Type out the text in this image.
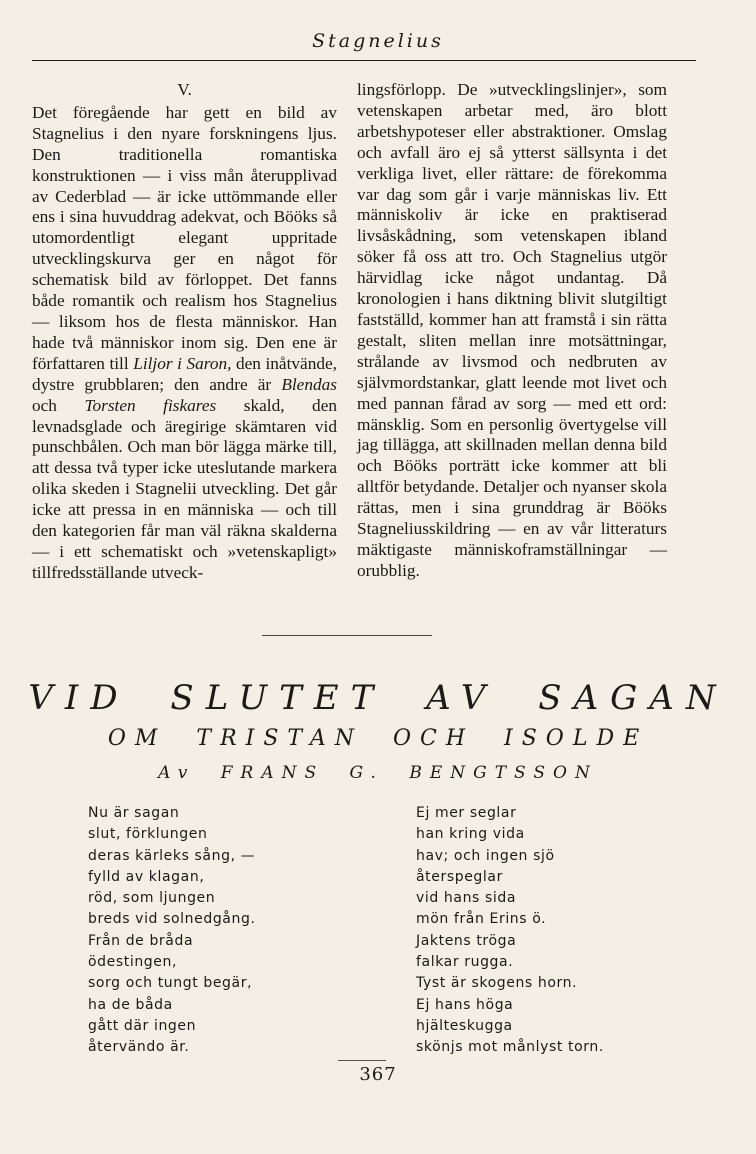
Stagnelius

V.

Det föregående har gett en bild av Stagnelius i den nyare forskningens ljus. Den traditionella romantiska konstruktionen — i viss mån återupplivad av Cederblad — är icke uttömmande eller ens i sina huvuddrag adekvat, och Bööks så utomordentligt elegant uppritade utvecklingskurva ger en något för schematisk bild av förloppet. Det fanns både romantik och realism hos Stagnelius — liksom hos de flesta människor. Han hade två människor inom sig. Den ene är författaren till Liljor i Saron, den inåtvände, dystre grubblaren; den andre är Blendas och Torsten fiskares skald, den levnadsglade och äregirige skämtaren vid punschbålen. Och man bör lägga märke till, att dessa två typer icke uteslutande markera olika skeden i Stagnelii utveckling. Det går icke att pressa in en människa — och till den kategorien får man väl räkna skalderna — i ett schematiskt och »vetenskapligt» tillfredsställande utveck-

lingsförlopp. De »utvecklingslinjer», som vetenskapen arbetar med, äro blott arbetshypoteser eller abstraktioner. Omslag och avfall äro ej så ytterst sällsynta i det verkliga livet, eller rättare: de förekomma var dag som går i varje människas liv. Ett människoliv är icke en praktiserad livsåskådning, som vetenskapen ibland söker få oss att tro. Och Stagnelius utgör härvidlag icke något undantag. Då kronologien i hans diktning blivit slutgiltigt fastställd, kommer han att framstå i sin rätta gestalt, sliten mellan inre motsättningar, strålande av livsmod och nedbruten av självmordstankar, glatt leende mot livet och med pannan fårad av sorg — med ett ord: mänsklig. Som en personlig övertygelse vill jag tillägga, att skillnaden mellan denna bild och Bööks porträtt icke kommer att bli alltför betydande. Detaljer och nyanser skola rättas, men i sina grunddrag är Bööks Stagneliusskildring — en av vår litteraturs mäktigaste människoframställningar — orubblig.

VID SLUTET AV SAGAN
OM TRISTAN OCH ISOLDE
Av FRANS G. BENGTSSON
Nu är sagan
slut, förklungen
deras kärleks sång, —
fylld av klagan,
röd, som ljungen
breds vid solnedgång.
Från de bråda
ödestingen,
sorg och tungt begär,
ha de båda
gått där ingen
återvändo är.
Ej mer seglar
han kring vida
hav; och ingen sjö
återspeglar
vid hans sida
mön från Erins ö.
Jaktens tröga
falkar rugga.
Tyst är skogens horn.
Ej hans höga
hjälteskugga
skönjs mot månlyst torn.
367
